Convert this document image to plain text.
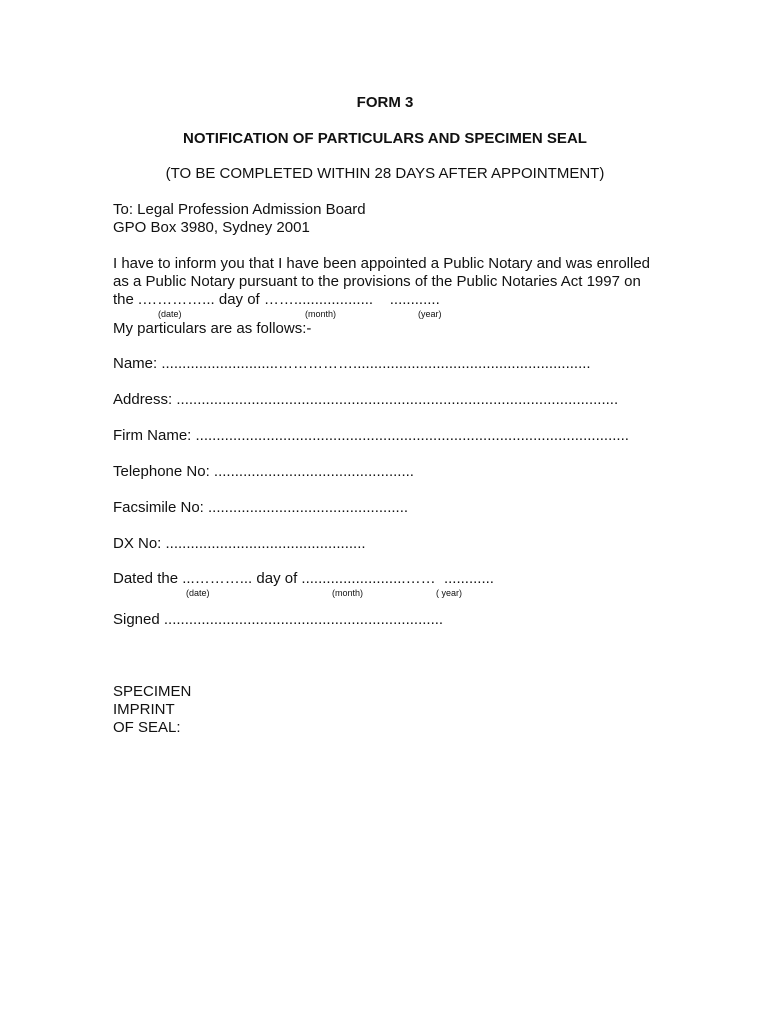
FORM 3
NOTIFICATION OF PARTICULARS AND SPECIMEN SEAL
(TO BE COMPLETED WITHIN 28 DAYS AFTER APPOINTMENT)
To: Legal Profession Admission Board
GPO Box 3980, Sydney 2001
I have to inform you that I have been appointed a Public Notary and was enrolled
as a Public Notary pursuant to the provisions of the Public Notaries Act 1997 on
the .…………... day of ……...................    ............
(date)	(month)	(year)
My particulars are as follows:-
Name: ............................…………….........................................................
Address: ..........................................................................................................
Firm Name: ........................................................................................................
Telephone No: ................................................
Facsimile No: ................................................
DX No: ................................................
Dated the ...………... day of .........................……  ............
(date)	(month)	( year)
Signed ...................................................................
SPECIMEN
IMPRINT
OF SEAL:
